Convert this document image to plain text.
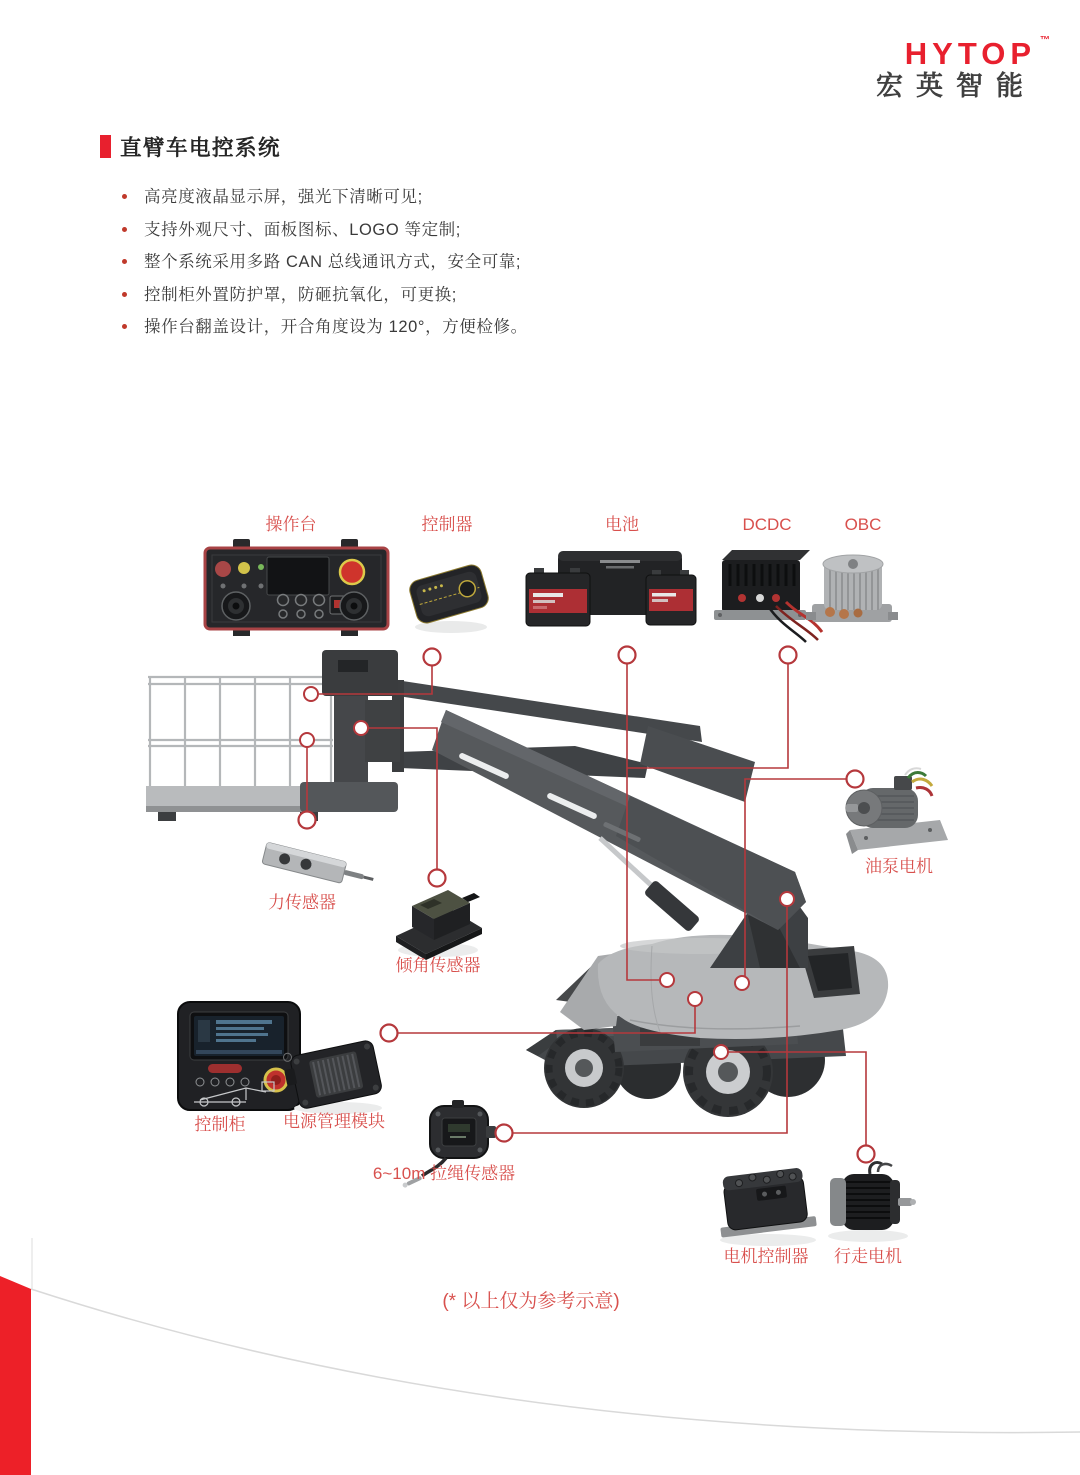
HYTOP ™
宏英智能
直臂车电控系统
高亮度液晶显示屏，强光下清晰可见;
支持外观尺寸、面板图标、LOGO 等定制;
整个系统采用多路 CAN 总线通讯方式，安全可靠;
控制柜外置防护罩，防砸抗氧化，可更换;
操作台翻盖设计，开合角度设为 120°，方便检修。
操作台	控制器	电池	DCDC	OBC
力传感器
倾角传感器
油泵电机
控制柜 电源管理模块
6~10m 拉绳传感器
电机控制器 行走电机
(* 以上仅为参考示意)
